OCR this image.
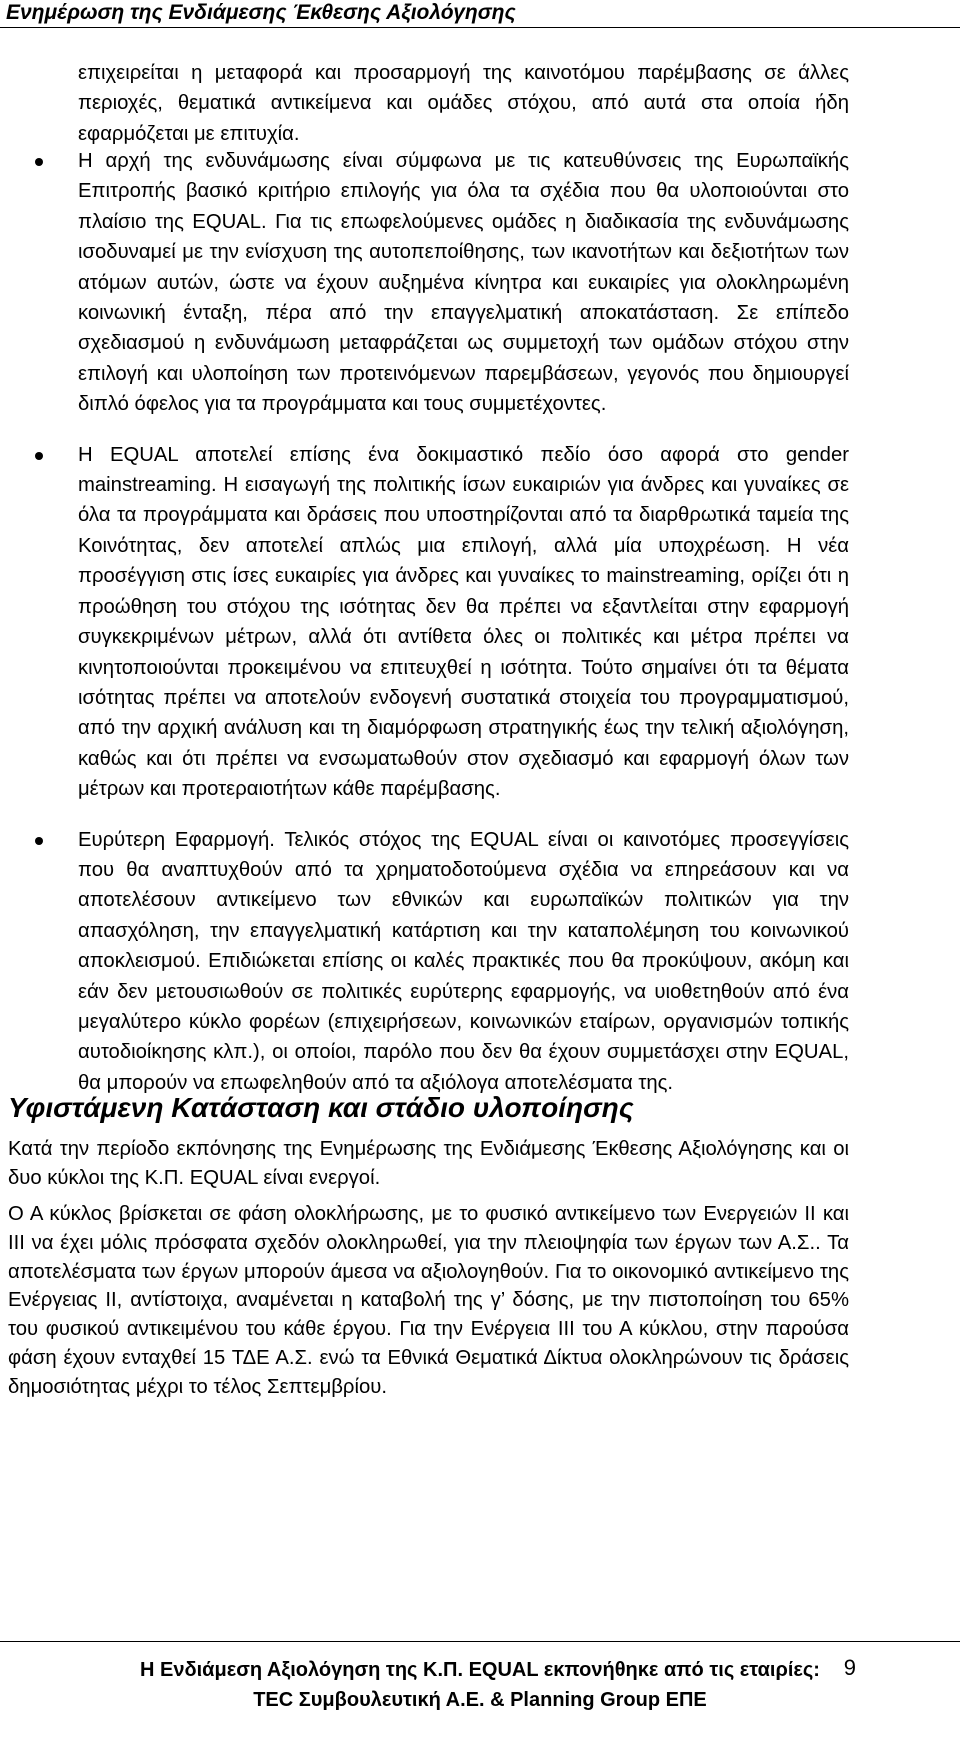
Ενημέρωση της Ενδιάμεσης Έκθεσης Αξιολόγησης

επιχειρείται η μεταφορά και προσαρμογή της καινοτόμου παρέμβασης σε άλλες περιοχές, θεματικά αντικείμενα και ομάδες στόχου, από αυτά στα οποία ήδη εφαρμόζεται με επιτυχία.

Η αρχή της ενδυνάμωσης είναι σύμφωνα με τις κατευθύνσεις της Ευρωπαϊκής Επιτροπής βασικό κριτήριο επιλογής για όλα τα σχέδια που θα υλοποιούνται στο πλαίσιο της EQUAL. Για τις επωφελούμενες ομάδες η διαδικασία της ενδυνάμωσης ισοδυναμεί με την ενίσχυση της αυτοπεποίθησης, των ικανοτήτων και δεξιοτήτων των ατόμων αυτών, ώστε να έχουν αυξημένα κίνητρα και ευκαιρίες για ολοκληρωμένη κοινωνική ένταξη, πέρα από την επαγγελματική αποκατάσταση. Σε επίπεδο σχεδιασμού η ενδυνάμωση μεταφράζεται ως συμμετοχή των ομάδων στόχου στην επιλογή και υλοποίηση των προτεινόμενων παρεμβάσεων, γεγονός που δημιουργεί διπλό όφελος για τα προγράμματα και τους συμμετέχοντες.
Η EQUAL αποτελεί επίσης ένα δοκιμαστικό πεδίο όσο αφορά στο gender mainstreaming. Η εισαγωγή της πολιτικής ίσων ευκαιριών για άνδρες και γυναίκες σε όλα τα προγράμματα και δράσεις που υποστηρίζονται από τα διαρθρωτικά ταμεία της Κοινότητας, δεν αποτελεί απλώς μια επιλογή, αλλά μία υποχρέωση. Η νέα προσέγγιση στις ίσες ευκαιρίες για άνδρες και γυναίκες το mainstreaming, ορίζει ότι η προώθηση του στόχου της ισότητας δεν θα πρέπει να εξαντλείται στην εφαρμογή συγκεκριμένων μέτρων, αλλά ότι αντίθετα όλες οι πολιτικές και μέτρα πρέπει να κινητοποιούνται προκειμένου να επιτευχθεί η ισότητα. Τούτο σημαίνει ότι τα θέματα ισότητας πρέπει να αποτελούν ενδογενή συστατικά στοιχεία του προγραμματισμού, από την αρχική ανάλυση και τη διαμόρφωση στρατηγικής έως την τελική αξιολόγηση, καθώς και ότι πρέπει να ενσωματωθούν στον σχεδιασμό και εφαρμογή όλων των μέτρων και προτεραιοτήτων κάθε παρέμβασης.
Ευρύτερη Εφαρμογή. Τελικός στόχος της EQUAL είναι οι καινοτόμες προσεγγίσεις που θα αναπτυχθούν από τα χρηματοδοτούμενα σχέδια να επηρεάσουν και να αποτελέσουν αντικείμενο των εθνικών και ευρωπαϊκών πολιτικών για την απασχόληση, την επαγγελματική κατάρτιση και την καταπολέμηση του κοινωνικού αποκλεισμού. Επιδιώκεται επίσης οι καλές πρακτικές που θα προκύψουν, ακόμη και εάν δεν μετουσιωθούν σε πολιτικές ευρύτερης εφαρμογής, να υιοθετηθούν από ένα μεγαλύτερο κύκλο φορέων (επιχειρήσεων, κοινωνικών εταίρων, οργανισμών τοπικής αυτοδιοίκησης κλπ.), οι οποίοι, παρόλο που δεν θα έχουν συμμετάσχει στην EQUAL, θα μπορούν να επωφεληθούν από τα αξιόλογα αποτελέσματα της.
Υφιστάμενη Κατάσταση και στάδιο υλοποίησης

Κατά την περίοδο εκπόνησης της Ενημέρωσης της Ενδιάμεσης Έκθεσης Αξιολόγησης και οι δυο κύκλοι της Κ.Π. EQUAL είναι ενεργοί.

Ο Α κύκλος βρίσκεται σε φάση ολοκλήρωσης, με το φυσικό αντικείμενο των Ενεργειών ΙΙ και ΙΙΙ να έχει μόλις πρόσφατα σχεδόν ολοκληρωθεί, για την πλειοψηφία των έργων των Α.Σ.. Τα αποτελέσματα των έργων μπορούν άμεσα να αξιολογηθούν. Για το οικονομικό αντικείμενο της Ενέργειας ΙΙ, αντίστοιχα, αναμένεται η καταβολή της γ’ δόσης, με την πιστοποίηση του 65% του φυσικού αντικειμένου του κάθε έργου. Για την Ενέργεια ΙΙΙ του Α κύκλου, στην παρούσα φάση έχουν ενταχθεί 15 ΤΔΕ Α.Σ. ενώ τα Εθνικά Θεματικά Δίκτυα ολοκληρώνουν τις δράσεις δημοσιότητας μέχρι το τέλος Σεπτεμβρίου.

Η Ενδιάμεση Αξιολόγηση της Κ.Π. EQUAL εκπονήθηκε από τις εταιρίες:
TEC Συμβουλευτική Α.Ε. & Planning Group ΕΠΕ
9
